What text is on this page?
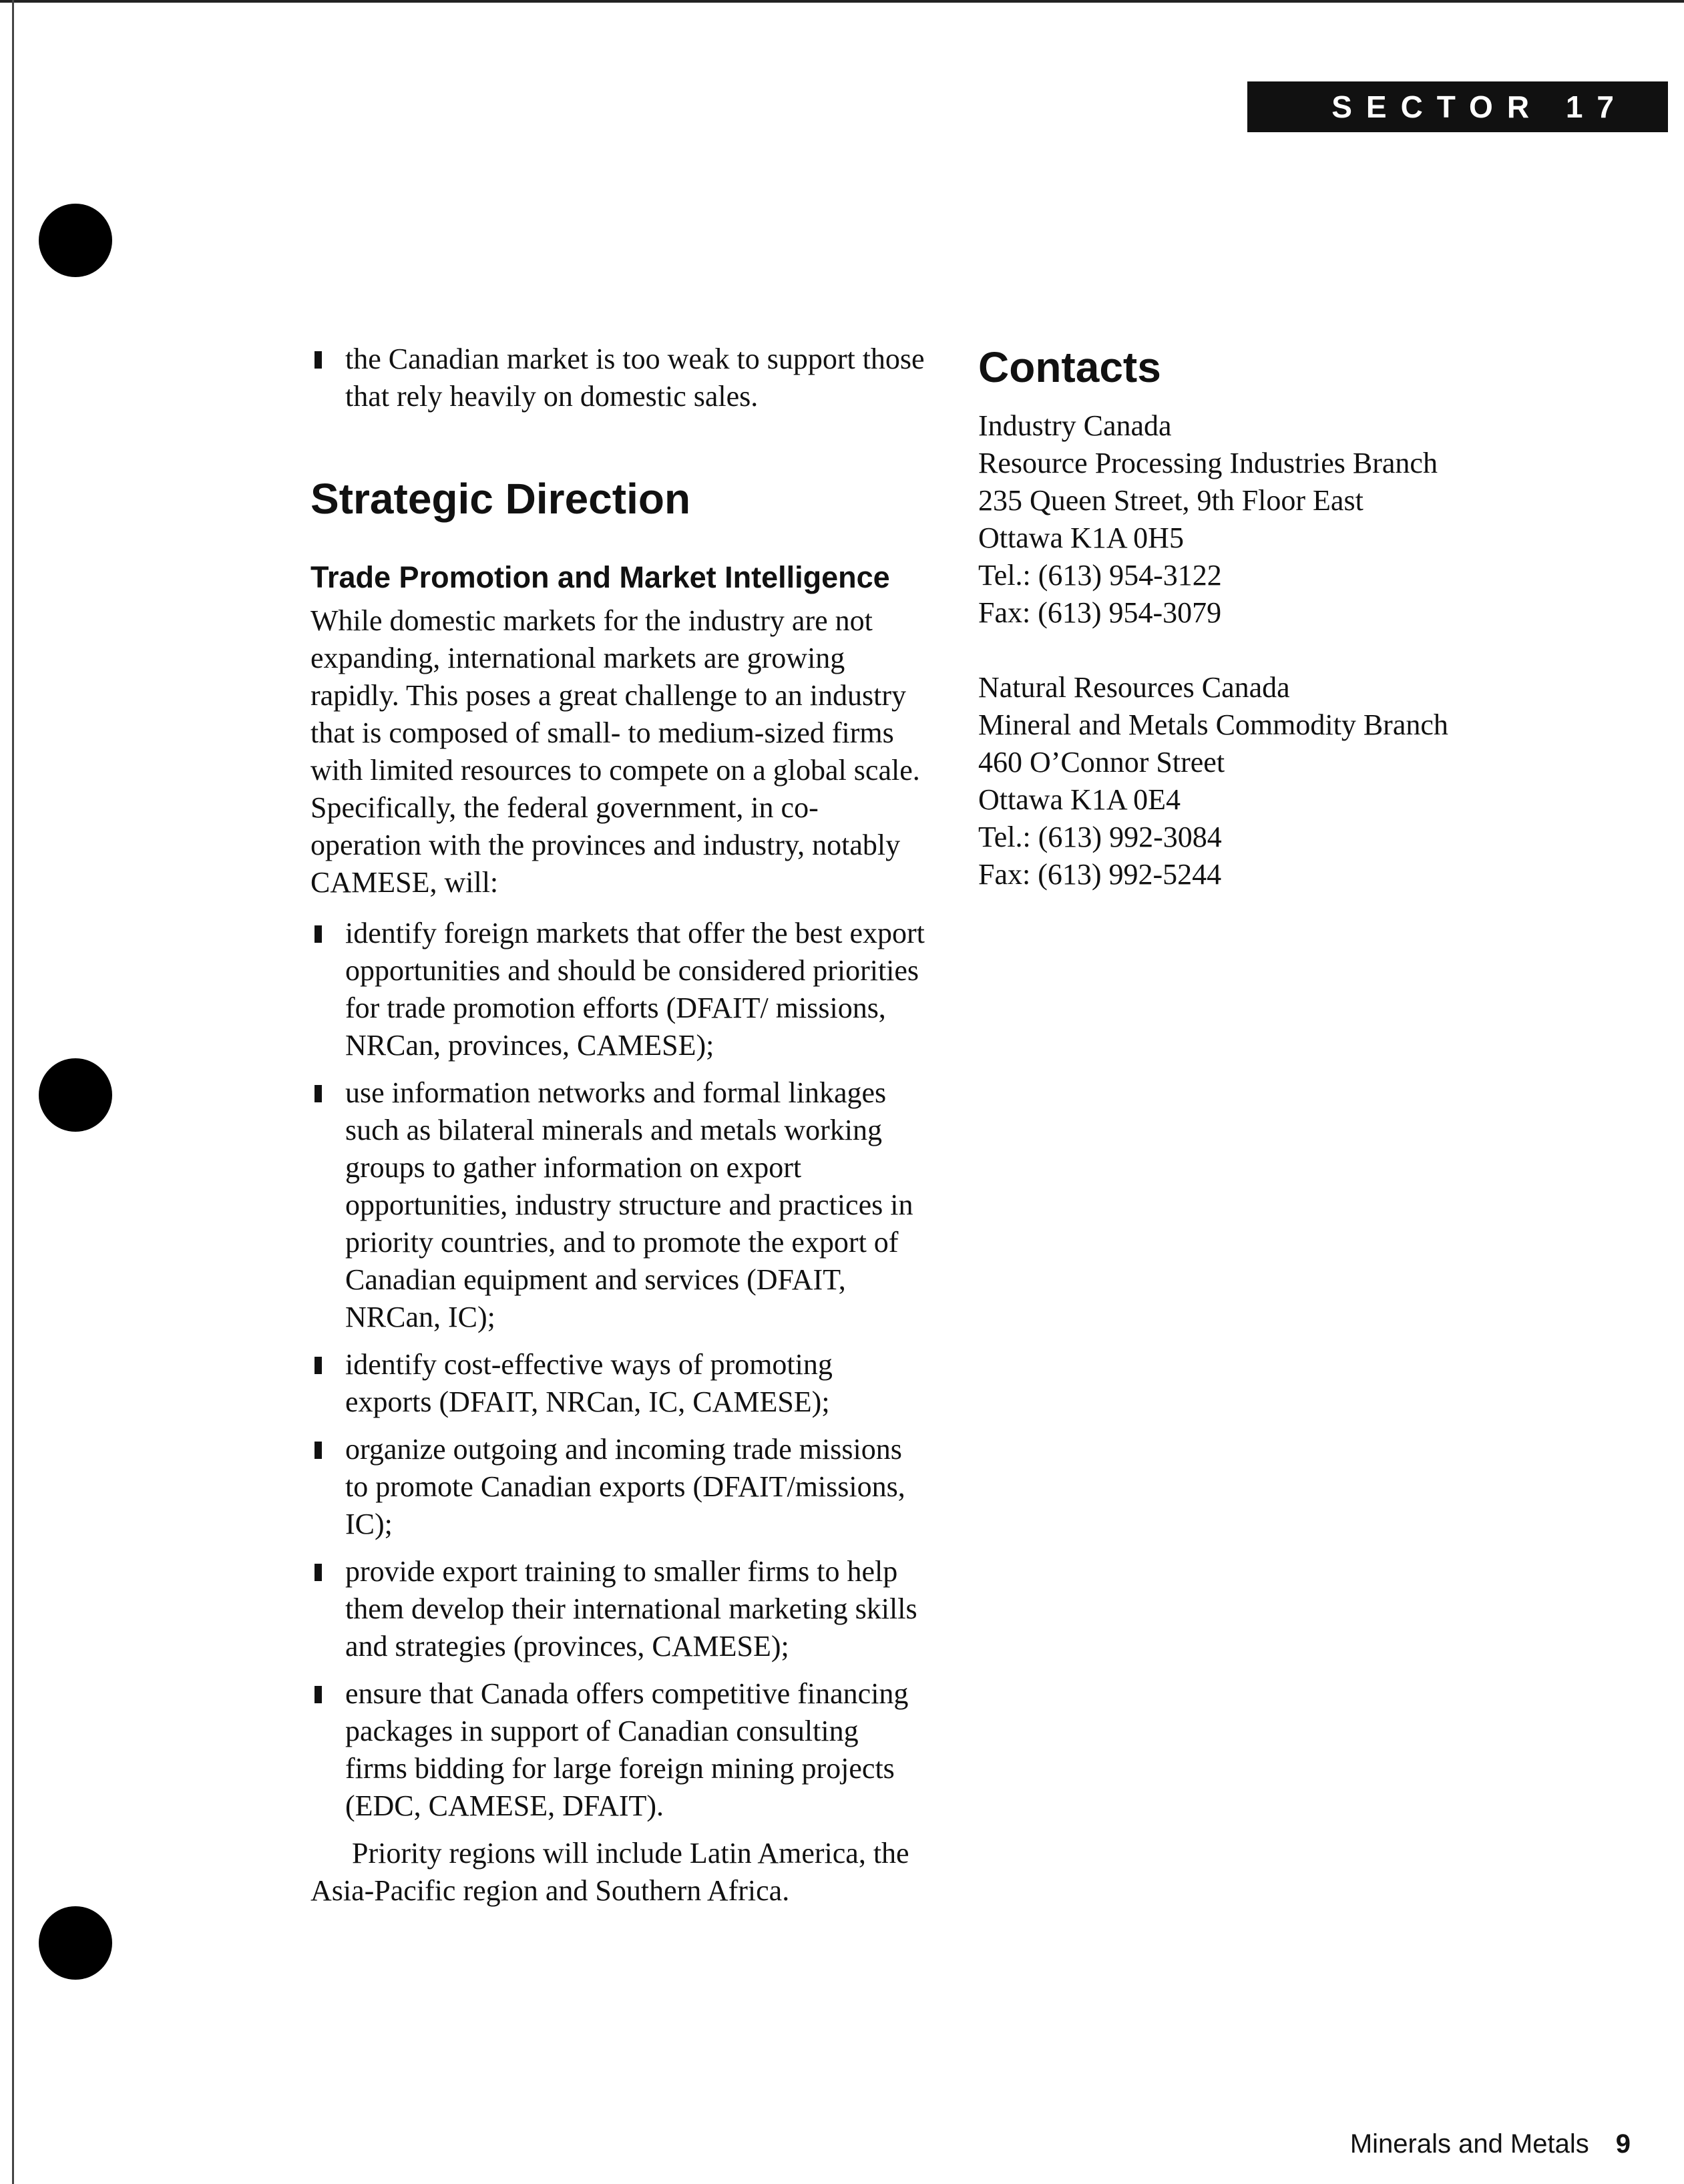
SECTOR 17
the Canadian market is too weak to support those that rely heavily on domestic sales.
Strategic Direction
Trade Promotion and Market Intelligence

While domestic markets for the industry are not expanding, international markets are growing rapidly. This poses a great challenge to an industry that is composed of small- to medium-sized firms with limited resources to compete on a global scale. Specifically, the federal government, in co-operation with the provinces and industry, notably CAMESE, will:

identify foreign markets that offer the best export opportunities and should be considered priorities for trade promotion efforts (DFAIT/ missions, NRCan, provinces, CAMESE);
use information networks and formal linkages such as bilateral minerals and metals working groups to gather information on export opportunities, industry structure and practices in priority countries, and to promote the export of Canadian equipment and services (DFAIT, NRCan, IC);
identify cost-effective ways of promoting exports (DFAIT, NRCan, IC, CAMESE);
organize outgoing and incoming trade missions to promote Canadian exports (DFAIT/missions, IC);
provide export training to smaller firms to help them develop their international marketing skills and strategies (provinces, CAMESE);
ensure that Canada offers competitive financing packages in support of Canadian consulting firms bidding for large foreign mining projects (EDC, CAMESE, DFAIT).

Priority regions will include Latin America, the Asia-Pacific region and Southern Africa.

Contacts
Industry Canada
Resource Processing Industries Branch
235 Queen Street, 9th Floor East
Ottawa K1A 0H5
Tel.: (613) 954-3122
Fax: (613) 954-3079
Natural Resources Canada
Mineral and Metals Commodity Branch
460 O’Connor Street
Ottawa K1A 0E4
Tel.: (613) 992-3084
Fax: (613) 992-5244
Minerals and Metals 9
